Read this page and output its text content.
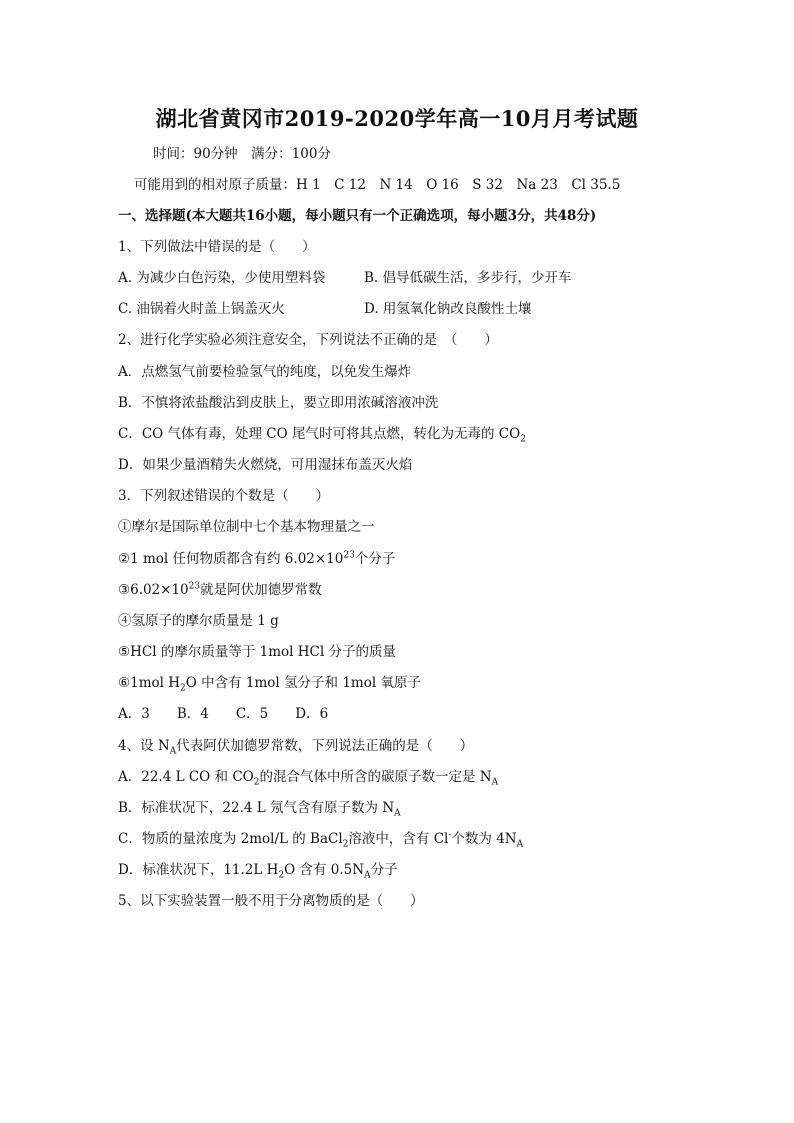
湖北省黄冈市2019-2020学年高一10月月考试题
时间：90分钟　满分：100分
可能用到的相对原子质量：H 1　C 12　N 14　O 16　S 32　Na 23　Cl 35.5
一、选择题(本大题共16小题，每小题只有一个正确选项，每小题3分，共48分)
1、下列做法中错误的是（　　）
A. 为减少白色污染，少使用塑料袋	B. 倡导低碳生活，多步行，少开车
C. 油锅着火时盖上锅盖灭火	D. 用氢氧化钠改良酸性土壤
2、进行化学实验必须注意安全，下列说法不正确的是　（　　）
A．点燃氢气前要检验氢气的纯度，以免发生爆炸
B．不慎将浓盐酸沾到皮肤上，要立即用浓碱溶液冲洗
C．CO 气体有毒，处理 CO 尾气时可将其点燃，转化为无毒的 $CO_2$
D．如果少量酒精失火燃烧，可用湿抹布盖灭火焰
3．下列叙述错误的个数是（　　）
①摩尔是国际单位制中七个基本物理量之一
②1 mol 任何物质都含有约 $6.02\times 10^{23}$个分子
$③6.02\times 10^{23}$就是阿伏加德罗常数
④氢原子的摩尔质量是 1 g
⑤HCl 的摩尔质量等于 1mol HCl 分子的质量
⑥1mol $H_2O$ 中含有 1mol 氢分子和 1mol 氧原子
A．3　　B．4　　C．5　　D．6
4、设 $N_A$代表阿伏加德罗常数，下列说法正确的是（　　）
A．22.4 L CO 和 $CO_2$的混合气体中所含的碳原子数一定是 $N_A$
B．标准状况下，22.4 L 氖气含有原子数为 $N_A$
C．物质的量浓度为 2mol/L 的 BaCl$_2$溶液中，含有 Cl-个数为 $4N_A$
D．标准状况下，11.2L $H_2O$ 含有 $0.5N_A$分子
5、以下实验装置一般不用于分离物质的是（　　）
